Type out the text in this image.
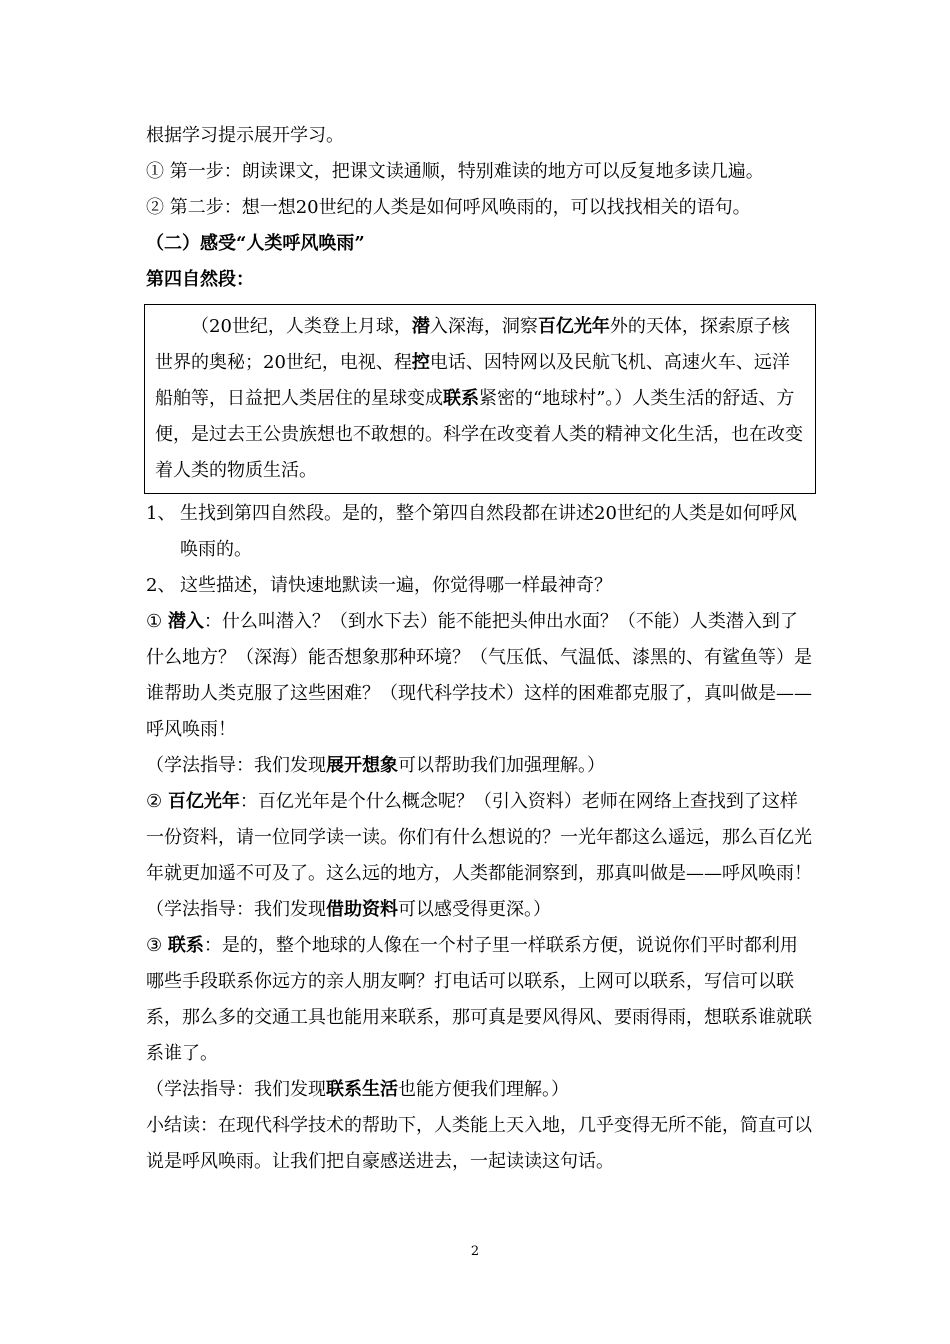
根据学习提示展开学习。

① 第一步：朗读课文，把课文读通顺，特别难读的地方可以反复地多读几遍。

② 第二步：想一想20世纪的人类是如何呼风唤雨的，可以找找相关的语句。

（二）感受“人类呼风唤雨”

第四自然段：

（20世纪，人类登上月球，潜入深海，洞察百亿光年外的天体，探索原子核世界的奥秘；20世纪，电视、程控电话、因特网以及民航飞机、高速火车、远洋船舶等，日益把人类居住的星球变成联系紧密的“地球村”。）人类生活的舒适、方便，是过去王公贵族想也不敢想的。科学在改变着人类的精神文化生活，也在改变着人类的物质生活。

1、 生找到第四自然段。是的，整个第四自然段都在讲述20世纪的人类是如何呼风唤雨的。
2、 这些描述，请快速地默读一遍，你觉得哪一样最神奇？

① 潜入：什么叫潜入？（到水下去）能不能把头伸出水面？（不能）人类潜入到了什么地方？（深海）能否想象那种环境？（气压低、气温低、漆黑的、有鲨鱼等）是谁帮助人类克服了这些困难？（现代科学技术）这样的困难都克服了，真叫做是——呼风唤雨！

（学法指导：我们发现展开想象可以帮助我们加强理解。）

② 百亿光年：百亿光年是个什么概念呢？（引入资料）老师在网络上查找到了这样一份资料，请一位同学读一读。你们有什么想说的？一光年都这么遥远，那么百亿光年就更加遥不可及了。这么远的地方，人类都能洞察到，那真叫做是——呼风唤雨！

（学法指导：我们发现借助资料可以感受得更深。）

③ 联系：是的，整个地球的人像在一个村子里一样联系方便，说说你们平时都利用哪些手段联系你远方的亲人朋友啊？打电话可以联系，上网可以联系，写信可以联系，那么多的交通工具也能用来联系，那可真是要风得风、要雨得雨，想联系谁就联系谁了。

（学法指导：我们发现联系生活也能方便我们理解。）

小结读：在现代科学技术的帮助下，人类能上天入地，几乎变得无所不能，简直可以说是呼风唤雨。让我们把自豪感送进去，一起读读这句话。

2
